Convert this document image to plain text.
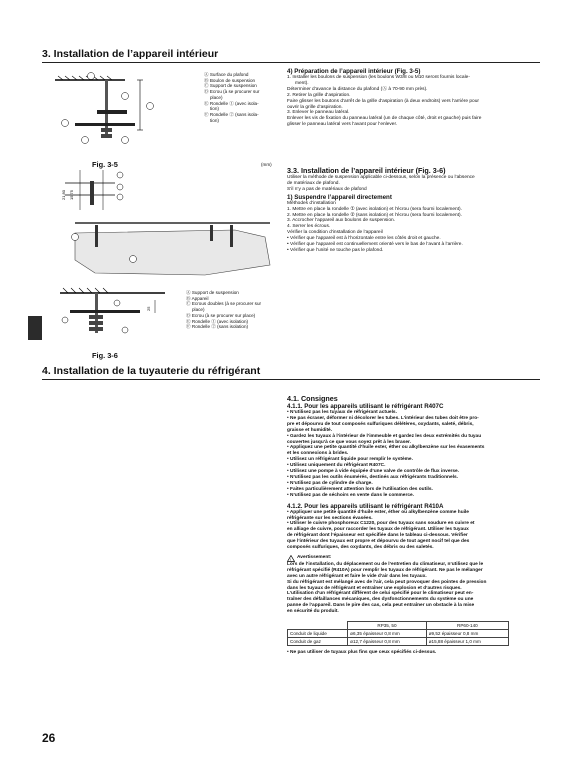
3. Installation de l’appareil intérieur
Ⓐ Surface du plafond
Ⓑ Boulon de suspension
Ⓒ Support de suspension
Ⓓ Ecrou (à se procurer sur
place)
Ⓔ Rondelle ① (avec isola-
tion)
Ⓕ Rondelle ② (sans isola-
tion)
Fig. 3-5
4) Préparation de l’appareil intérieur (Fig. 3-5)
1. Installer les boulons de suspension (les boulons W3/8 ou M10 seront fournis locale-
ment).
Déterminer d’avance la distance du plafond (Ⓐ à 70-90 mm près).
2. Retirer la grille d’aspiration.
Faire glisser les boutons d’arrêt de la grille d’aspiration (à deux endroits) vers l’arrière pour
ouvrir la grille d’aspiration.
3. Enlever le panneau latéral.
Enlever les vis de fixation du panneau latéral (un de chaque côté, droit et gauche) puis faire
glisser le panneau latéral vers l’avant pour l’enlever.
(mm)
21 80 15 75
3.3. Installation de l’appareil intérieur (Fig. 3-6)
Utiliser la méthode de suspension applicable ci-dessous, selon la présence ou l’absence
de matériaux de plafond.
S’il n’y a pas de matériaux de plafond
1) Suspendre l’appareil directement
Méthodes d’installation
1. Mettre en place la rondelle ① (avec isolation) et l’écrou (sera fourni localement).
2. Mettre en place la rondelle ② (sans isolation) et l’écrou (sera fourni localement).
3. Accrocher l’appareil aux boulons de suspension.
4. Serrer les écrous.
Vérifier la condition d’installation de l’appareil
• Vérifier que l’appareil est à l’horizontale entre les côtés droit et gauche.
• Vérifier que l’appareil est continuellement orienté vers le bas de l’avant à l’arrière.
• Vérifier que l’unité ne touche pas le plafond.
25
Ⓐ Support de suspension
Ⓑ Appareil
Ⓒ Ecrous doubles (à se procurer sur
place)
Ⓓ Ecrou (à se procurer sur place)
Ⓔ Rondelle ① (avec isolation)
Ⓕ Rondelle ② (sans isolation)
Fig. 3-6
4. Installation de la tuyauterie du réfrigérant
4.1. Consignes
4.1.1. Pour les appareils utilisant le réfrigérant R407C
• N’utilisez pas les tuyaux de réfrigérant actuels.
• Ne pas écraser, déformer ni décolorer les tubes. L’intérieur des tubes doit être pro-
pre et dépourvu de tout composés sulfuriques délétères, oxydants, saleté, débris,
graisse et humidité.
• Gardez les tuyaux à l’intérieur de l’immeuble et gardez les deux extrémités du tuyau
couvertes jusqu’à ce que vous soyez prêt à les braser.
• Appliquez une petite quantité d’huile ester, éther ou alkylbenzène sur les évasements
et les connexions à brides.
• Utilisez un réfrigérant liquide pour remplir le système.
• Utilisez uniquement du réfrigérant R407C.
• Utilisez une pompe à vide équipée d’une valve de contrôle de flux inverse.
• N’utilisez pas les outils énumérés, destinés aux réfrigérants traditionnels.
• N’utilisez pas de cylindre de charge.
• Faites particulièrement attention lors de l’utilisation des outils.
• N’utilisez pas de séchoirs en vente dans le commerce.
4.1.2. Pour les appareils utilisant le réfrigérant R410A
• Appliquer une petite quantité d’huile ester, éther ou alkylbenzène comme huile
réfrigérante sur les sections évasées.
• Utiliser le cuivre phosphoreux C1220, pour des tuyaux sans soudure en cuivre et
en alliage de cuivre, pour raccorder les tuyaux de réfrigérant. Utiliser les tuyaux
de réfrigérant dont l’épaisseur est spécifiée dans le tableau ci-dessous. Vérifier
que l’intérieur des tuyaux est propre et dépourvu de tout agent nocif tel que des
composés sulfuriques, des oxydants, des débris ou des saletés.
! Avertissement:
Lors de l’installation, du déplacement ou de l’entretien du climatiseur, n’utilisez que le
réfrigérant spécifié (R410A) pour remplir les tuyaux de réfrigérant. Ne pas le mélanger
avec un autre réfrigérant et faire le vide d’air dans les tuyaux.
Si du réfrigérant est mélangé avec de l’air, cela peut provoquer des pointes de pression
dans les tuyaux de réfrigérant et entraîner une explosion et d’autres risques.
L’utilisation d’un réfrigérant différent de celui spécifié pour le climatiseur peut en-
traîner des défaillances mécaniques, des dysfonctionnements du système ou une
panne de l’appareil. Dans le pire des cas, cela peut entraîner un obstacle à la mise
en sécurité du produit.
	RP35, 50	RP60-140
Conduit de liquide	ø6,35 épaisseur 0,8 mm	ø9,52 épaisseur 0,8 mm
Conduit de gaz	ø12,7 épaisseur 0,8 mm	ø15,88 épaisseur 1,0 mm
• Ne pas utiliser de tuyaux plus fins que ceux spécifiés ci-dessus.
26
